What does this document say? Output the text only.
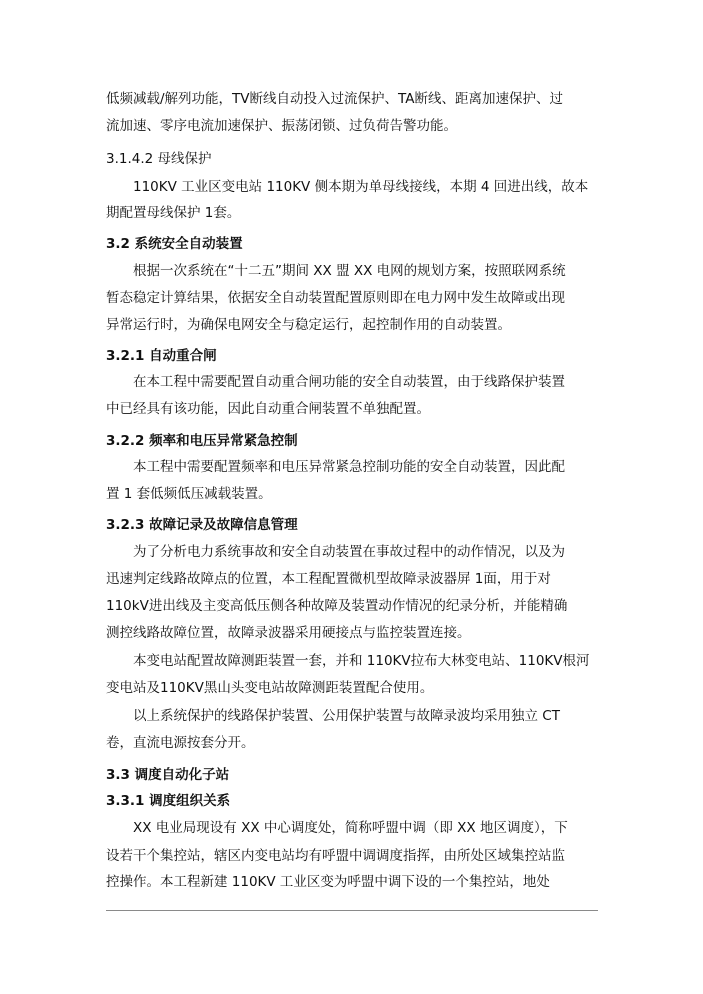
低频减载/解列功能，TV断线自动投入过流保护、TA断线、距离加速保护、过
流加速、零序电流加速保护、振荡闭锁、过负荷告警功能。
3.1.4.2 母线保护
110KV 工业区变电站 110KV 侧本期为单母线接线，本期 4 回进出线，故本
期配置母线保护 1套。
3.2 系统安全自动装置
根据一次系统在“十二五”期间 XX 盟 XX 电网的规划方案，按照联网系统
暂态稳定计算结果，依据安全自动装置配置原则即在电力网中发生故障或出现
异常运行时，为确保电网安全与稳定运行，起控制作用的自动装置。
3.2.1 自动重合闸
在本工程中需要配置自动重合闸功能的安全自动装置，由于线路保护装置
中已经具有该功能，因此自动重合闸装置不单独配置。
3.2.2 频率和电压异常紧急控制
本工程中需要配置频率和电压异常紧急控制功能的安全自动装置，因此配
置 1 套低频低压减载装置。
3.2.3 故障记录及故障信息管理
为了分析电力系统事故和安全自动装置在事故过程中的动作情况，以及为
迅速判定线路故障点的位置，本工程配置微机型故障录波器屏 1面，用于对
110kV进出线及主变高低压侧各种故障及装置动作情况的纪录分析，并能精确
测控线路故障位置，故障录波器采用硬接点与监控装置连接。
本变电站配置故障测距装置一套，并和 110KV拉布大林变电站、110KV根河
变电站及110KV黑山头变电站故障测距装置配合使用。
以上系统保护的线路保护装置、公用保护装置与故障录波均采用独立 CT
卷，直流电源按套分开。
3.3 调度自动化子站
3.3.1 调度组织关系
XX 电业局现设有 XX 中心调度处，简称呼盟中调（即 XX 地区调度），下
设若干个集控站，辖区内变电站均有呼盟中调调度指挥，由所处区域集控站监
控操作。本工程新建 110KV 工业区变为呼盟中调下设的一个集控站，地处
